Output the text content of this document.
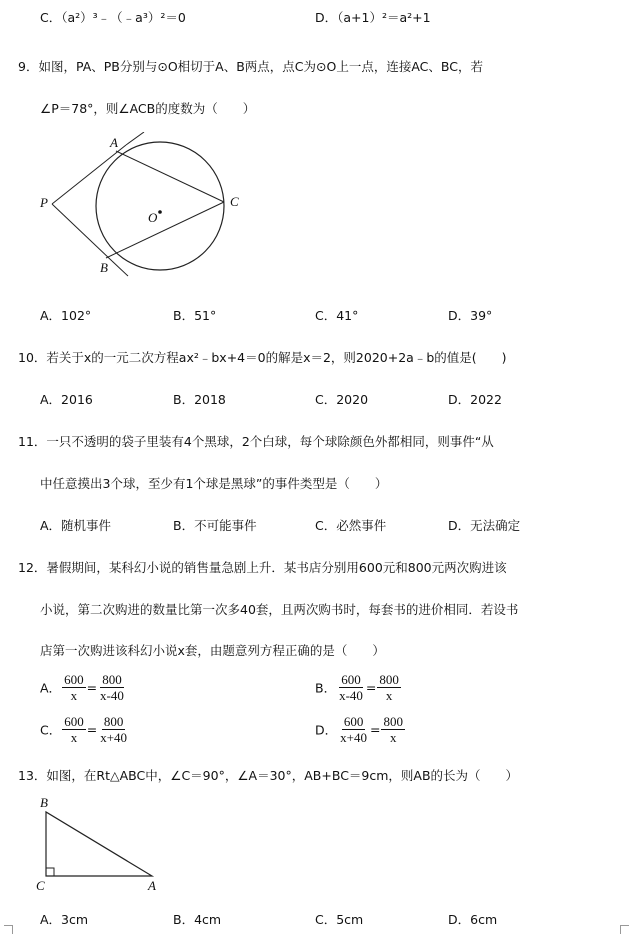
C．（a²）³﹣（﹣a³）²＝0	D．（a+1）²＝a²+1
9．如图，PA、PB分别与⊙O相切于A、B两点，点C为⊙O上一点，连接AC、BC，若
∠P＝78°，则∠ACB的度数为（　　）
A
P	C
O
B
A．102°	B．51°	C．41°	D．39°
10．若关于x的一元二次方程ax²﹣bx+4＝0的解是x＝2，则2020+2a﹣b的值是(　　)
A．2016	B．2018	C．2020	D．2022
11．一只不透明的袋子里装有4个黑球，2个白球，每个球除颜色外都相同，则事件“从
中任意摸出3个球，至少有1个球是黑球”的事件类型是（　　）
A．随机事件	B．不可能事件	C．必然事件	D．无法确定
12．暑假期间，某科幻小说的销售量急剧上升．某书店分别用600元和800元两次购进该
小说，第二次购进的数量比第一次多40套，且两次购书时，每套书的进价相同．若设书
店第一次购进该科幻小说x套，由题意列方程正确的是（　　）
A． $\frac{600}{x} = \frac{800}{x-40}$	B． $\frac{600}{x-40} = \frac{800}{x}$
C． $\frac{600}{x} = \frac{800}{x+40}$	D． $\frac{600}{x+40} = \frac{800}{x}$
13．如图，在Rt△ABC中，∠C＝90°，∠A＝30°，AB+BC＝9cm，则AB的长为（　　）
B
C	A
A．3cm	B．4cm	C．5cm	D．6cm
